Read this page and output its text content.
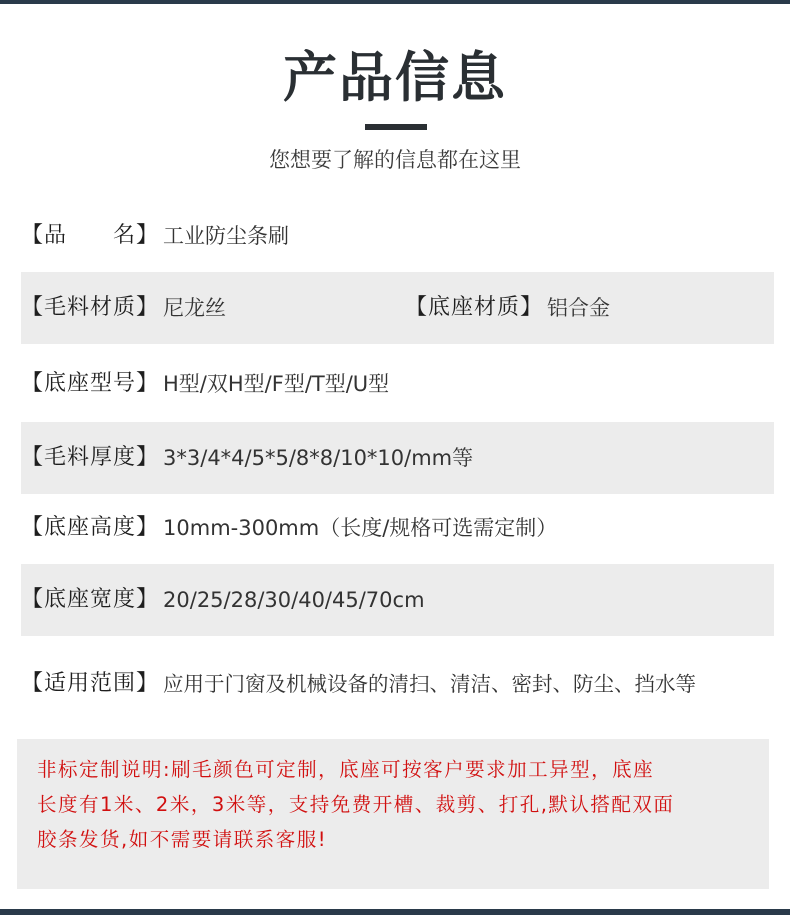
产品信息
您想要了解的信息都在这里
【品　　名】 工业防尘条刷
【毛料材质】 尼龙丝	【底座材质】 铝合金
【底座型号】 H型/双H型/F型/T型/U型
【毛料厚度】 3*3/4*4/5*5/8*8/10*10/mm等
【底座高度】 10mm-300mm（长度/规格可选需定制）
【底座宽度】 20/25/28/30/40/45/70cm
【适用范围】 应用于门窗及机械设备的清扫、清洁、密封、防尘、挡水等
非标定制说明:刷毛颜色可定制，底座可按客户要求加工异型，底座
长度有1米、2米，3米等，支持免费开槽、裁剪、打孔,默认搭配双面
胶条发货,如不需要请联系客服!
